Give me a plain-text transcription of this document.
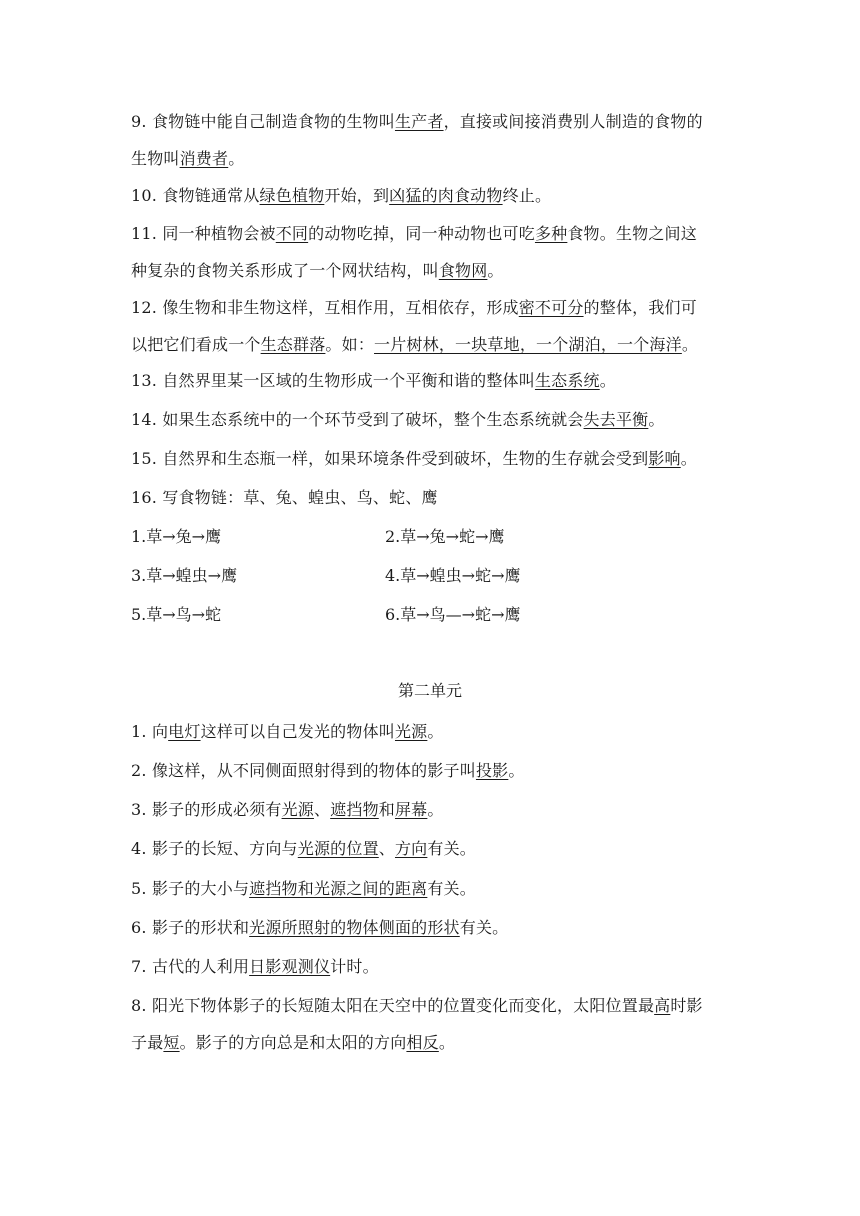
9. 食物链中能自己制造食物的生物叫生产者，直接或间接消费别人制造的食物的
生物叫消费者。
10. 食物链通常从绿色植物开始，到凶猛的肉食动物终止。
11. 同一种植物会被不同的动物吃掉，同一种动物也可吃多种食物。生物之间这
种复杂的食物关系形成了一个网状结构，叫食物网。
12. 像生物和非生物这样，互相作用，互相依存，形成密不可分的整体，我们可
以把它们看成一个生态群落。如：一片树林，一块草地，一个湖泊，一个海洋。
13. 自然界里某一区域的生物形成一个平衡和谐的整体叫生态系统。
14. 如果生态系统中的一个环节受到了破坏，整个生态系统就会失去平衡。
15. 自然界和生态瓶一样，如果环境条件受到破坏，生物的生存就会受到影响。
16. 写食物链：草、兔、蝗虫、鸟、蛇、鹰
1.草→兔→鹰	2.草→兔→蛇→鹰
3.草→蝗虫→鹰	4.草→蝗虫→蛇→鹰
5.草→鸟→蛇	6.草→鸟—→蛇→鹰
第二单元
1. 向电灯这样可以自己发光的物体叫光源。
2. 像这样，从不同侧面照射得到的物体的影子叫投影。
3. 影子的形成必须有光源、遮挡物和屏幕。
4. 影子的长短、方向与光源的位置、方向有关。
5. 影子的大小与遮挡物和光源之间的距离有关。
6. 影子的形状和光源所照射的物体侧面的形状有关。
7. 古代的人利用日影观测仪计时。
8. 阳光下物体影子的长短随太阳在天空中的位置变化而变化，太阳位置最高时影
子最短。影子的方向总是和太阳的方向相反。
